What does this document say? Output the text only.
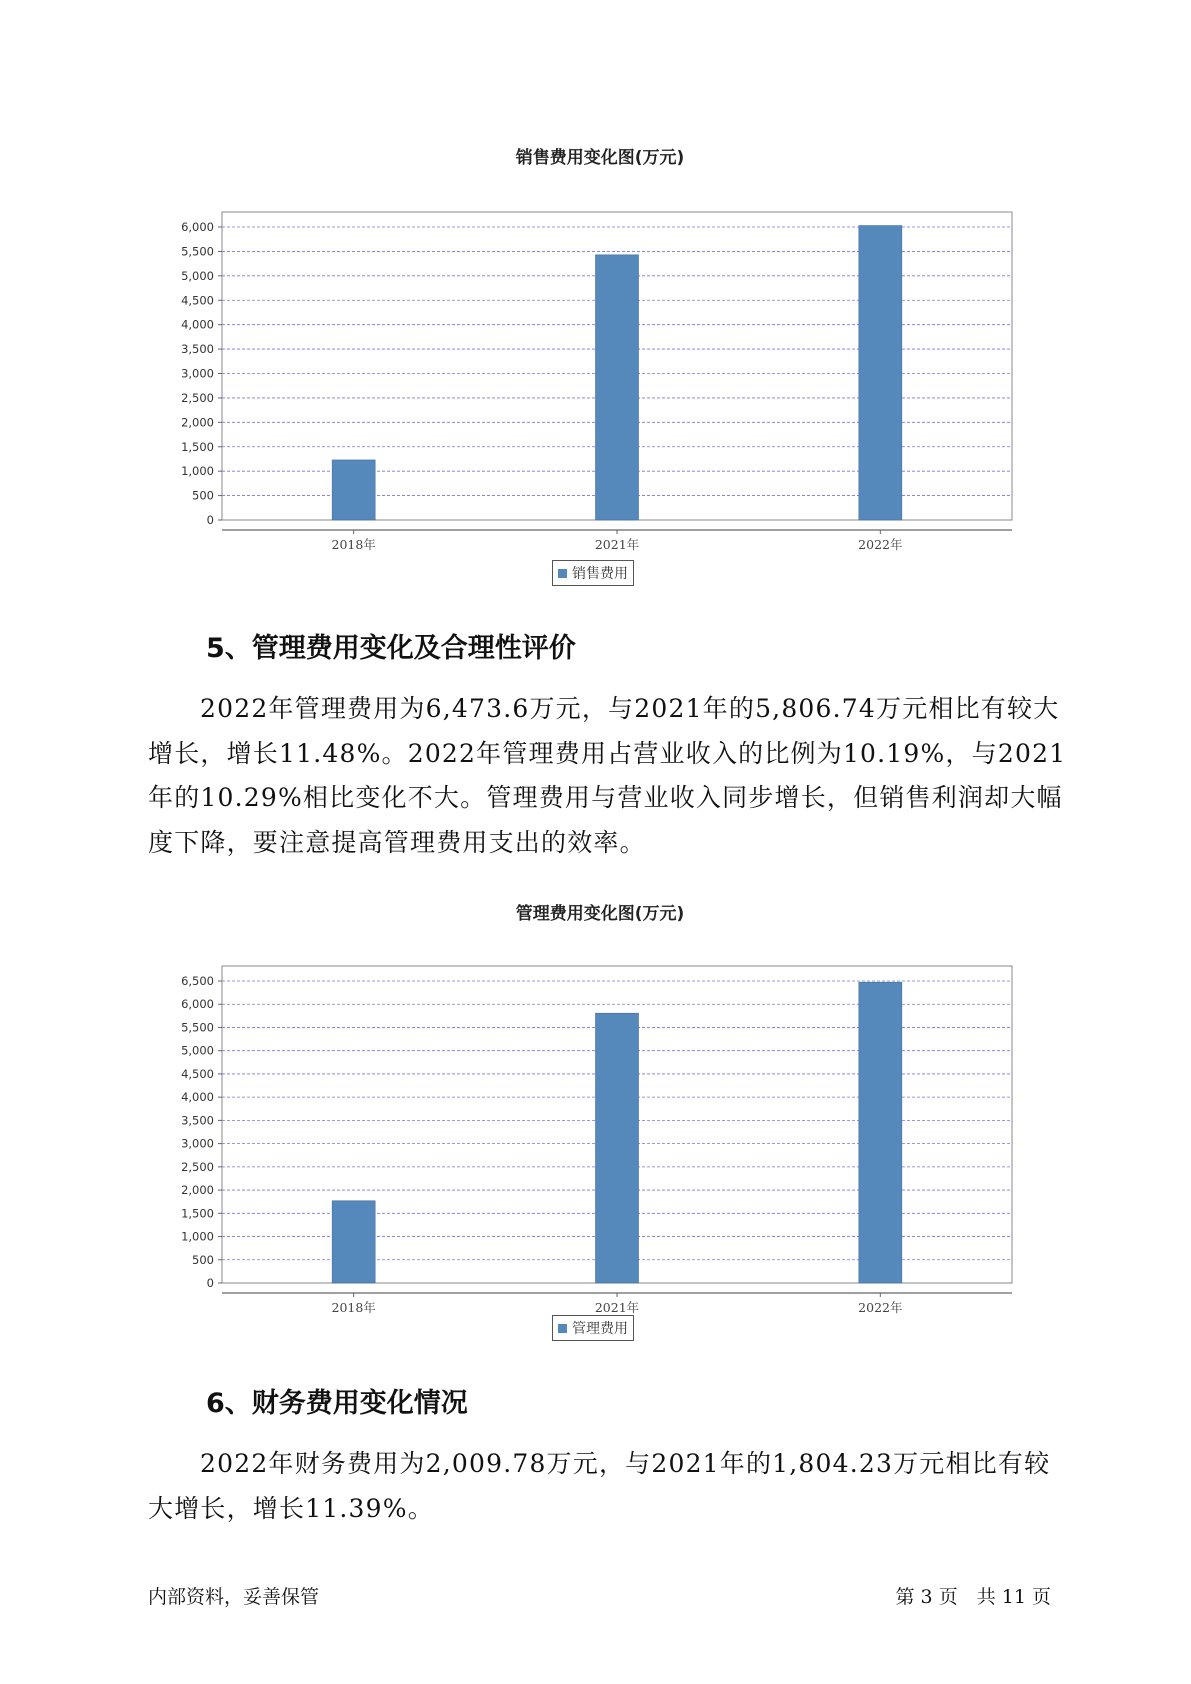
销售费用变化图(万元)
0
500
1,000
1,500
2,000
2,500
3,000
3,500
4,000
4,500
5,000
5,500
6,000
2018年	2021年	2022年
销售费用
5、管理费用变化及合理性评价

2022年管理费用为6,473.6万元，与2021年的5,806.74万元相比有较大增长，增长11.48%。2022年管理费用占营业收入的比例为10.19%，与2021年的10.29%相比变化不大。管理费用与营业收入同步增长，但销售利润却大幅度下降，要注意提高管理费用支出的效率。

管理费用变化图(万元)
0
500
1,000
1,500
2,000
2,500
3,000
3,500
4,000
4,500
5,000
5,500
6,000
6,500
2018年	2021年	2022年
管理费用
6、财务费用变化情况

2022年财务费用为2,009.78万元，与2021年的1,804.23万元相比有较大增长，增长11.39%。

内部资料，妥善保管	第 3 页　共 11 页
